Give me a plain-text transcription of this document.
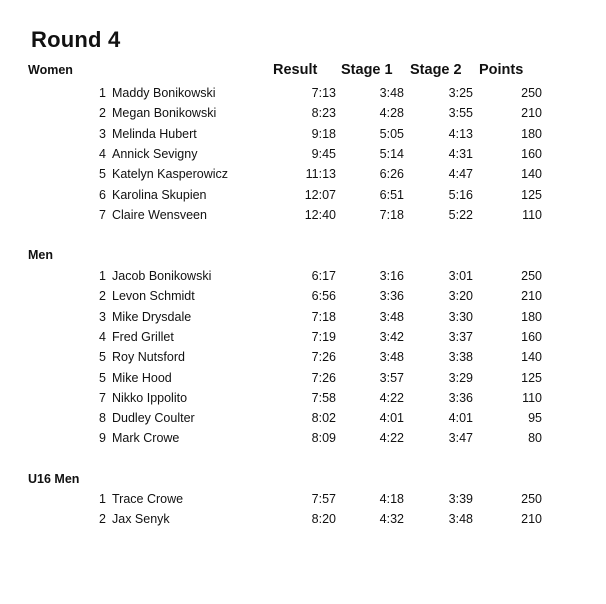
Round 4
Result Stage 1 Stage 2 Points
Women
1 Maddy Bonikowski	7:13	3:48	3:25	250
2 Megan Bonikowski	8:23	4:28	3:55	210
3 Melinda Hubert	9:18	5:05	4:13	180
4 Annick Sevigny	9:45	5:14	4:31	160
5 Katelyn Kasperowicz	11:13	6:26	4:47	140
6 Karolina Skupien	12:07	6:51	5:16	125
7 Claire Wensveen	12:40	7:18	5:22	110
Men
1 Jacob Bonikowski	6:17	3:16	3:01	250
2 Levon Schmidt	6:56	3:36	3:20	210
3 Mike Drysdale	7:18	3:48	3:30	180
4 Fred Grillet	7:19	3:42	3:37	160
5 Roy Nutsford	7:26	3:48	3:38	140
5 Mike Hood	7:26	3:57	3:29	125
7 Nikko Ippolito	7:58	4:22	3:36	110
8 Dudley Coulter	8:02	4:01	4:01	95
9 Mark Crowe	8:09	4:22	3:47	80
U16 Men
1 Trace Crowe	7:57	4:18	3:39	250
2 Jax Senyk	8:20	4:32	3:48	210
